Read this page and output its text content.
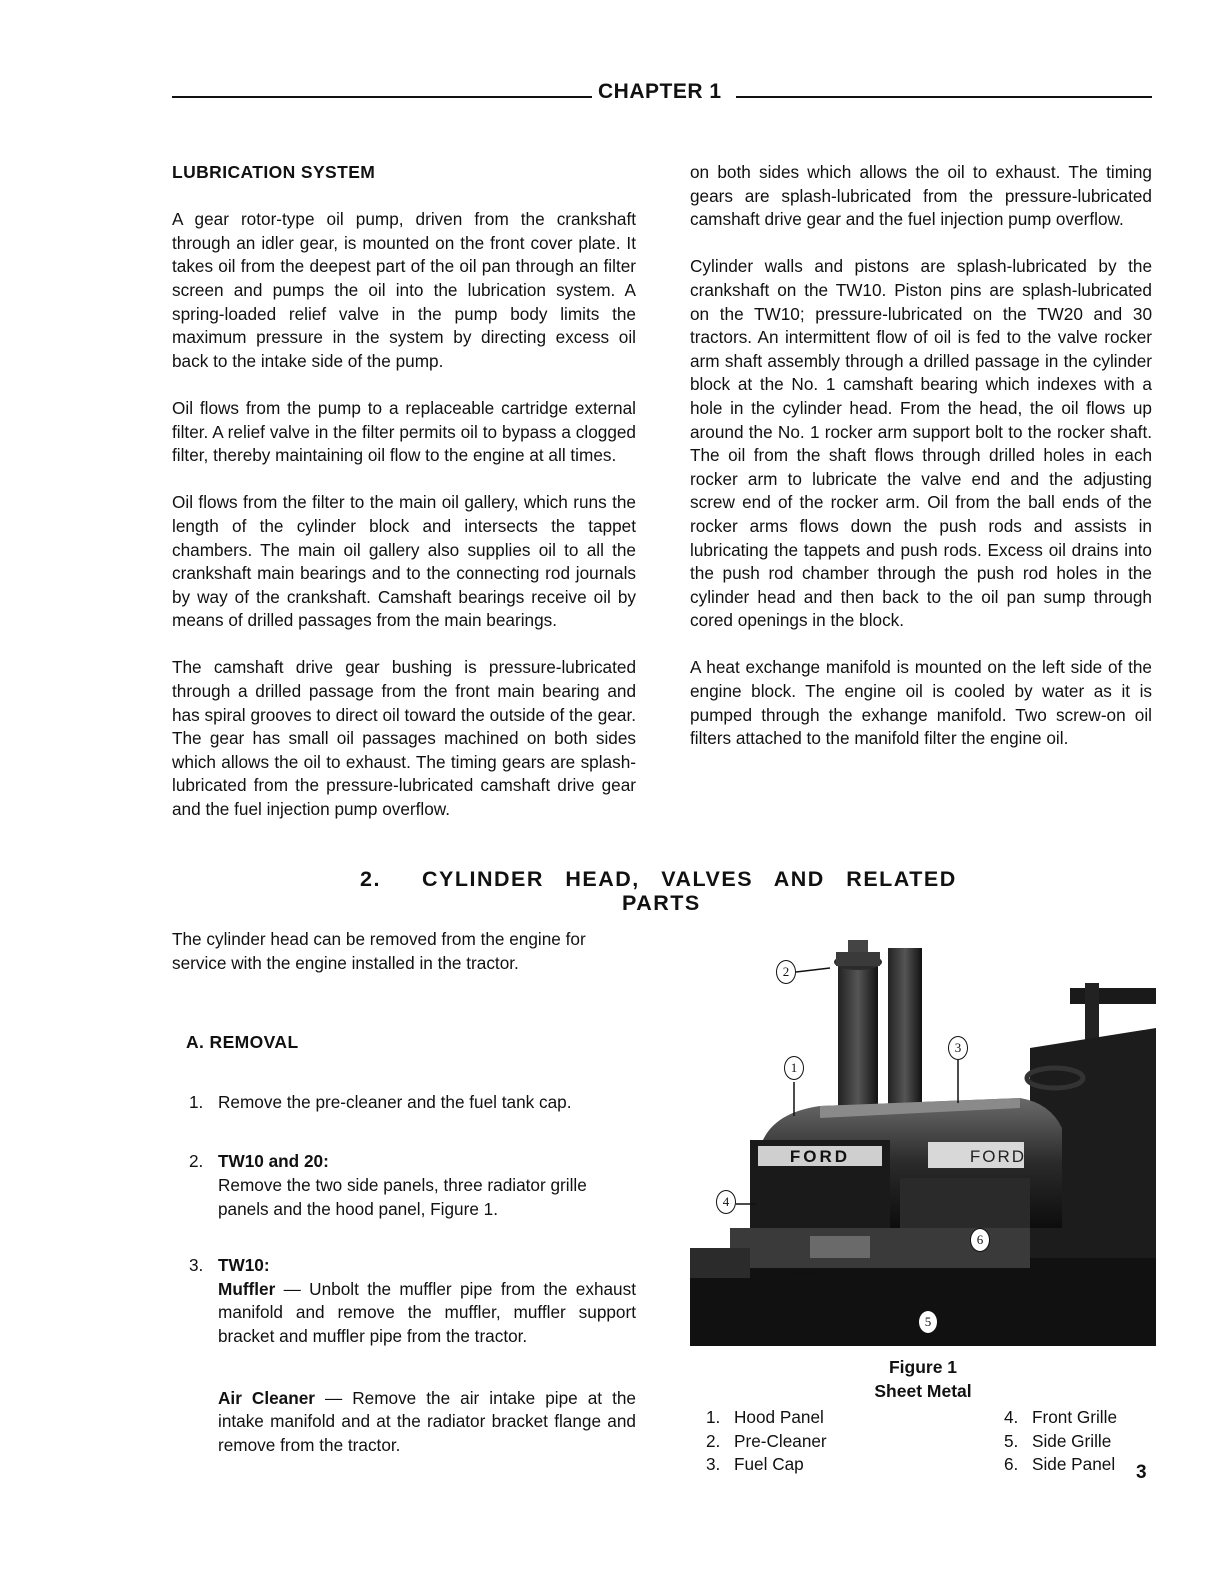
CHAPTER 1

LUBRICATION SYSTEM

A gear rotor-type oil pump, driven from the crankshaft through an idler gear, is mounted on the front cover plate. It takes oil from the deepest part of the oil pan through an filter screen and pumps the oil into the lubrication system. A spring-loaded relief valve in the pump body limits the maximum pressure in the system by directing excess oil back to the intake side of the pump.

Oil flows from the pump to a replaceable cartridge external filter. A relief valve in the filter permits oil to bypass a clogged filter, thereby maintaining oil flow to the engine at all times.

Oil flows from the filter to the main oil gallery, which runs the length of the cylinder block and intersects the tappet chambers. The main oil gallery also supplies oil to all the crankshaft main bearings and to the connecting rod journals by way of the crankshaft. Camshaft bearings receive oil by means of drilled passages from the main bearings.

The camshaft drive gear bushing is pressure-lubricated through a drilled passage from the front main bearing and has spiral grooves to direct oil toward the outside of the gear. The gear has small oil passages machined on both sides which allows the oil to exhaust. The timing gears are splash-lubricated from the pressure-lubricated camshaft drive gear and the fuel injection pump overflow.

on both sides which allows the oil to exhaust. The timing gears are splash-lubricated from the pressure-lubricated camshaft drive gear and the fuel injection pump overflow.

Cylinder walls and pistons are splash-lubricated by the crankshaft on the TW10. Piston pins are splash-lubricated on the TW10; pressure-lubricated on the TW20 and 30 tractors. An intermittent flow of oil is fed to the valve rocker arm shaft assembly through a drilled passage in the cylinder block at the No. 1 camshaft bearing which indexes with a hole in the cylinder head. From the head, the oil flows up around the No. 1 rocker arm support bolt to the rocker shaft. The oil from the shaft flows through drilled holes in each rocker arm to lubricate the valve end and the adjusting screw end of the rocker arm. Oil from the ball ends of the rocker arms flows down the push rods and assists in lubricating the tappets and push rods. Excess oil drains into the push rod chamber through the push rod holes in the cylinder head and then back to the oil pan sump through cored openings in the block.

A heat exchange manifold is mounted on the left side of the engine block. The engine oil is cooled by water as it is pumped through the exhange manifold. Two screw-on oil filters attached to the manifold filter the engine oil.

2. CYLINDER HEAD, VALVES AND RELATED
PARTS

The cylinder head can be removed from the engine for service with the engine installed in the tractor.

A. REMOVAL

1. Remove the pre-cleaner and the fuel tank cap.
2. TW10 and 20:
Remove the two side panels, three radiator grille panels and the hood panel, Figure 1.
3. TW10:
Muffler — Unbolt the muffler pipe from the exhaust manifold and remove the muffler, muffler support bracket and muffler pipe from the tractor.
Air Cleaner — Remove the air intake pipe at the intake manifold and at the radiator bracket flange and remove from the tractor.
FORD	FORD
2
3
1
4
6
5
Figure 1
Sheet Metal
1. Hood Panel
2. Pre-Cleaner
3. Fuel Cap
4. Front Grille
5. Side Grille
6. Side Panel 3
